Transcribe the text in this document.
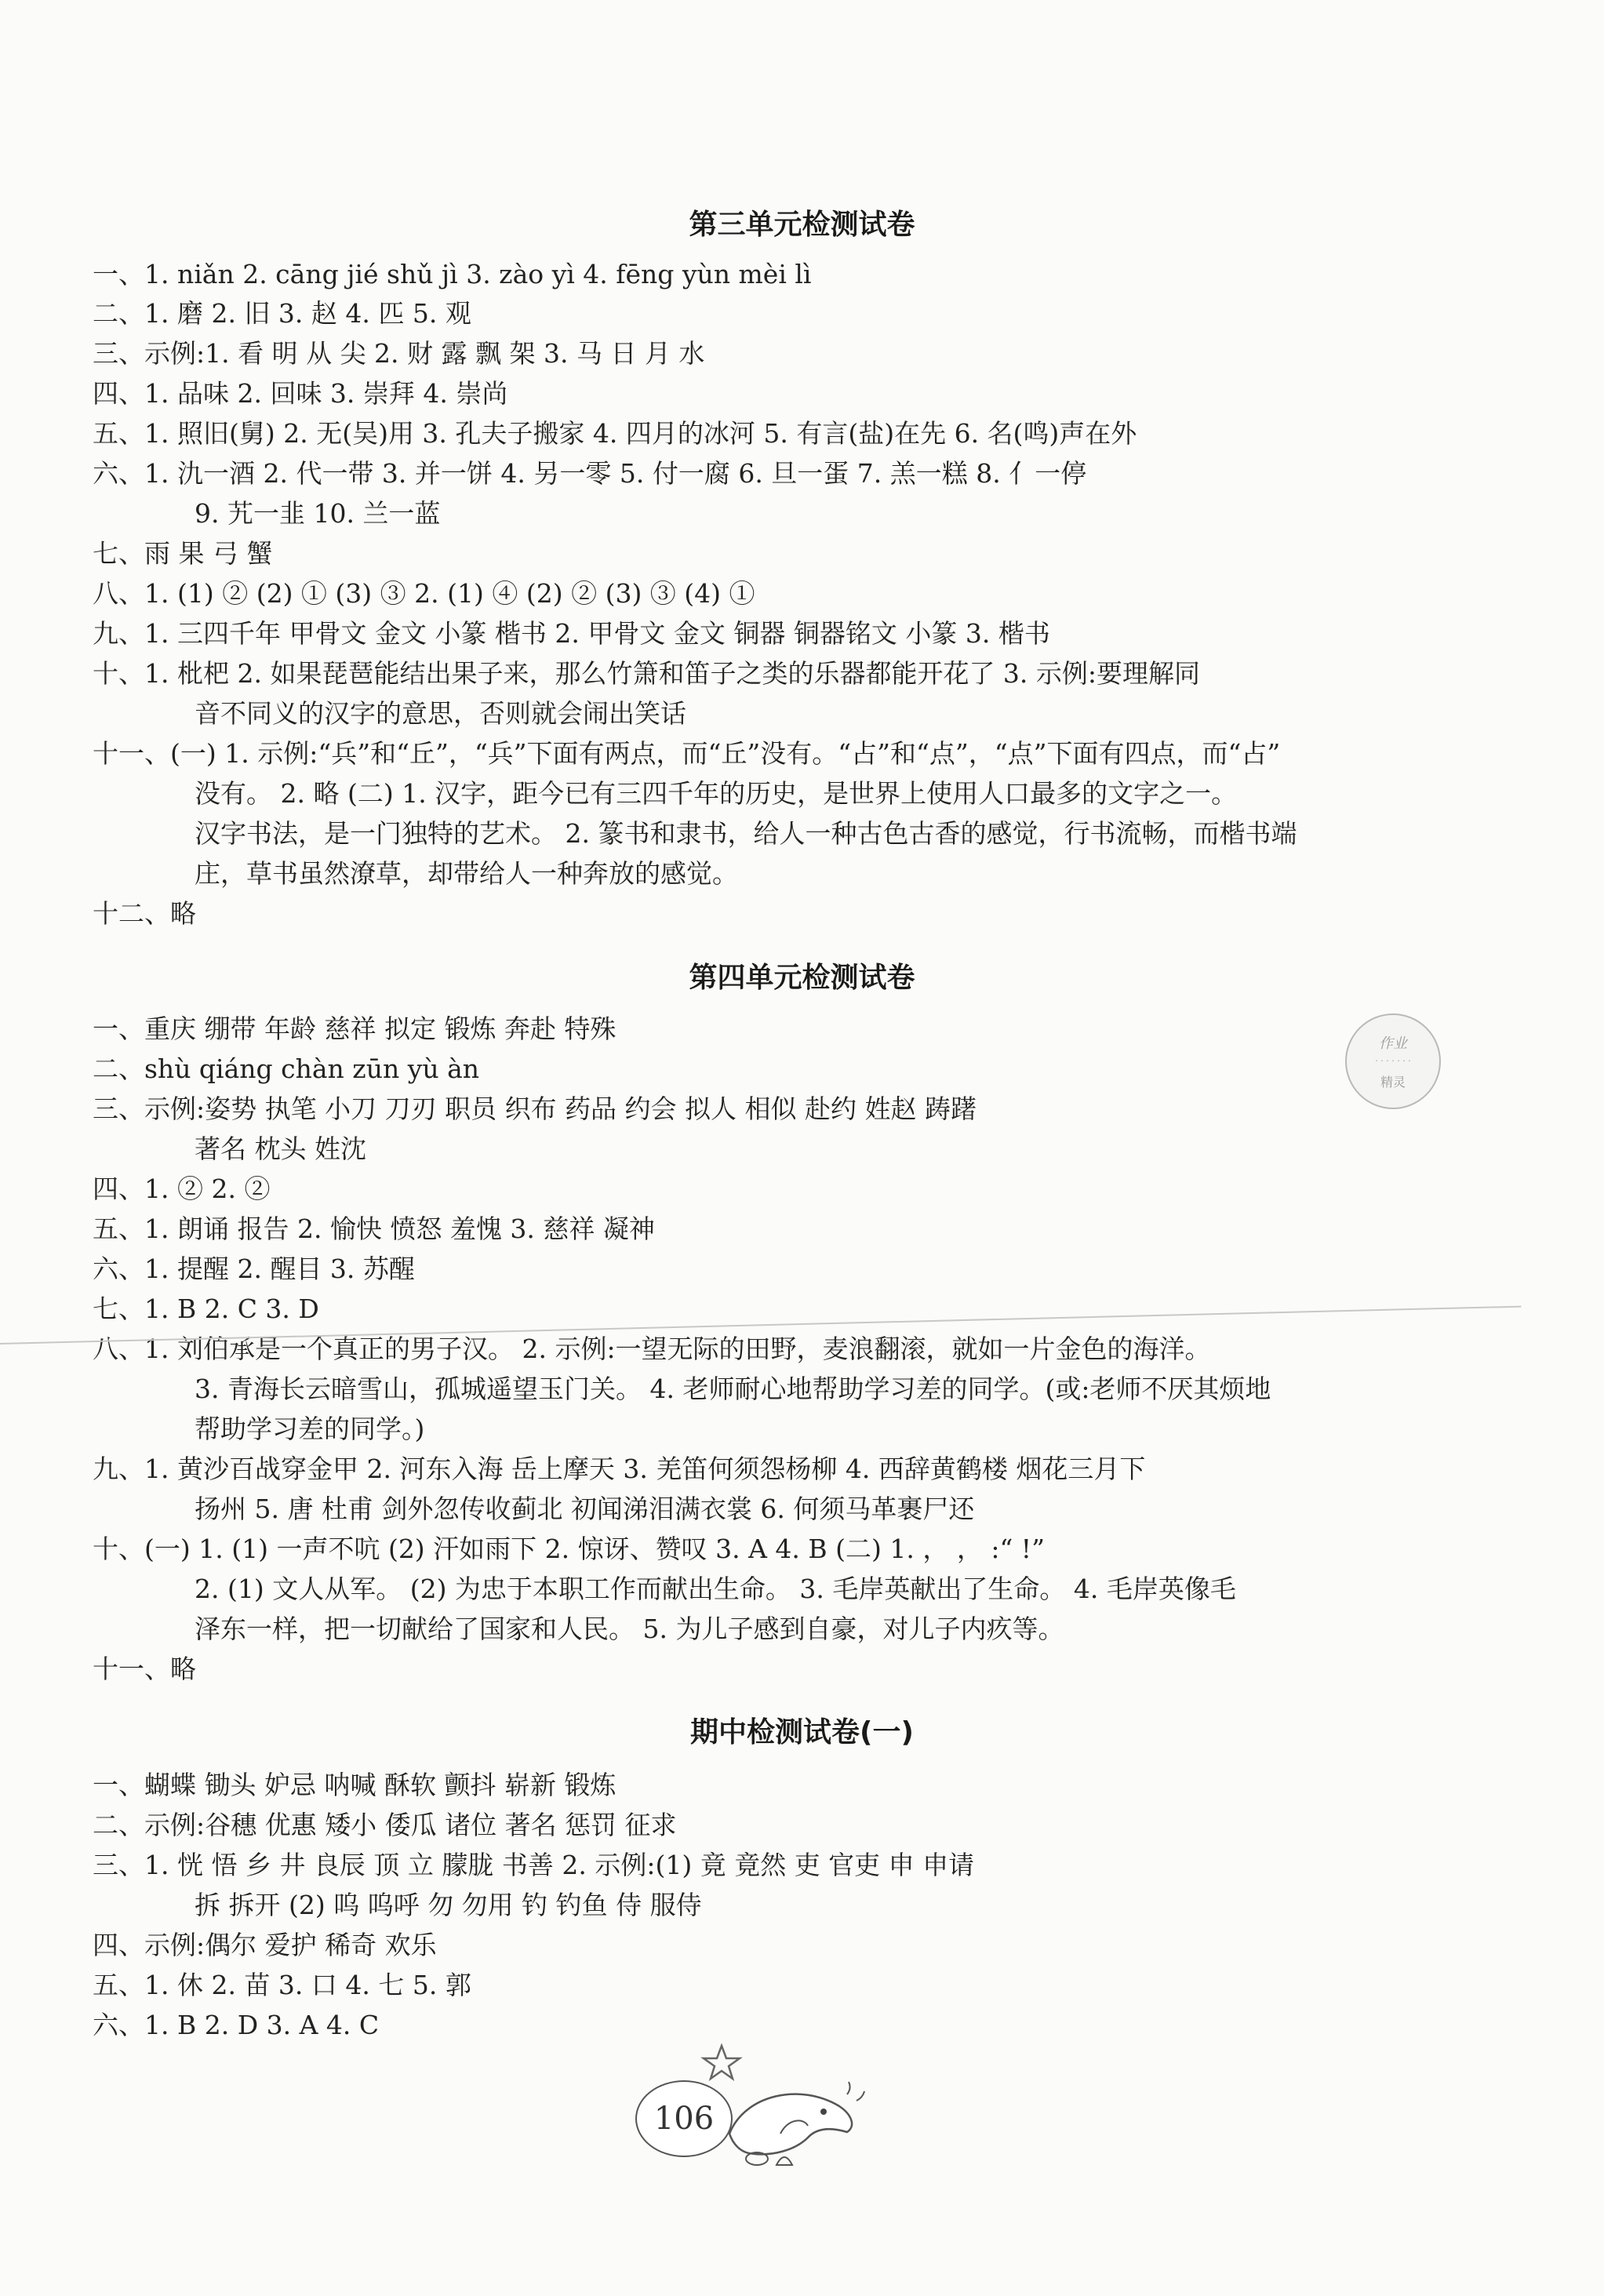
第三单元检测试卷
一、1. niǎn 2. cāng jié shǔ jì 3. zào yì 4. fēng yùn mèi lì
二、1. 磨 2. 旧 3. 赵 4. 匹 5. 观
三、示例:1. 看 明 从 尖 2. 财 露 飘 架 3. 马 日 月 水
四、1. 品味 2. 回味 3. 崇拜 4. 崇尚
五、1. 照旧(舅) 2. 无(吴)用 3. 孔夫子搬家 4. 四月的冰河 5. 有言(盐)在先 6. 名(鸣)声在外
六、1. 氿一酒 2. 代一带 3. 并一饼 4. 另一零 5. 付一腐 6. 旦一蛋 7. 羔一糕 8. 亻一停
9. 艽一韭 10. 兰一蓝
七、雨 果 弓 蟹
八、1. (1) ② (2) ① (3) ③ 2. (1) ④ (2) ② (3) ③ (4) ①
九、1. 三四千年 甲骨文 金文 小篆 楷书 2. 甲骨文 金文 铜器 铜器铭文 小篆 3. 楷书
十、1. 枇杷 2. 如果琵琶能结出果子来，那么竹箫和笛子之类的乐器都能开花了 3. 示例:要理解同
音不同义的汉字的意思，否则就会闹出笑话
十一、(一) 1. 示例:“兵”和“丘”，“兵”下面有两点，而“丘”没有。“占”和“点”，“点”下面有四点，而“占”
没有。 2. 略 (二) 1. 汉字，距今已有三四千年的历史，是世界上使用人口最多的文字之一。
汉字书法，是一门独特的艺术。 2. 篆书和隶书，给人一种古色古香的感觉，行书流畅，而楷书端
庄，草书虽然潦草，却带给人一种奔放的感觉。
十二、略
第四单元检测试卷
一、重庆 绷带 年龄 慈祥 拟定 锻炼 奔赴 特殊
二、shù qiáng chàn zūn yù àn
三、示例:姿势 执笔 小刀 刀刃 职员 织布 药品 约会 拟人 相似 赴约 姓赵 踌躇
著名 枕头 姓沈
四、1. ② 2. ②
五、1. 朗诵 报告 2. 愉快 愤怒 羞愧 3. 慈祥 凝神
六、1. 提醒 2. 醒目 3. 苏醒
七、1. B 2. C 3. D
八、1. 刘伯承是一个真正的男子汉。 2. 示例:一望无际的田野，麦浪翻滚，就如一片金色的海洋。
3. 青海长云暗雪山，孤城遥望玉门关。 4. 老师耐心地帮助学习差的同学。(或:老师不厌其烦地
帮助学习差的同学。)
九、1. 黄沙百战穿金甲 2. 河东入海 岳上摩天 3. 羌笛何须怨杨柳 4. 西辞黄鹤楼 烟花三月下
扬州 5. 唐 杜甫 剑外忽传收蓟北 初闻涕泪满衣裳 6. 何须马革裹尸还
十、(一) 1. (1) 一声不吭 (2) 汗如雨下 2. 惊讶、赞叹 3. A 4. B (二) 1. ， ， :“ !”
2. (1) 文人从军。 (2) 为忠于本职工作而献出生命。 3. 毛岸英献出了生命。 4. 毛岸英像毛
泽东一样，把一切献给了国家和人民。 5. 为儿子感到自豪，对儿子内疚等。
十一、略
期中检测试卷(一)
一、蝴蝶 锄头 妒忌 呐喊 酥软 颤抖 崭新 锻炼
二、示例:谷穗 优惠 矮小 倭瓜 诸位 著名 惩罚 征求
三、1. 恍 悟 乡 井 良辰 顶 立 朦胧 书善 2. 示例:(1) 竟 竟然 吏 官吏 申 申请
拆 拆开 (2) 呜 呜呼 勿 勿用 钓 钓鱼 侍 服侍
四、示例:偶尔 爱护 稀奇 欢乐
五、1. 休 2. 苗 3. 口 4. 七 5. 郭
六、1. B 2. D 3. A 4. C
作业
· · · · · · ·
精灵
106
